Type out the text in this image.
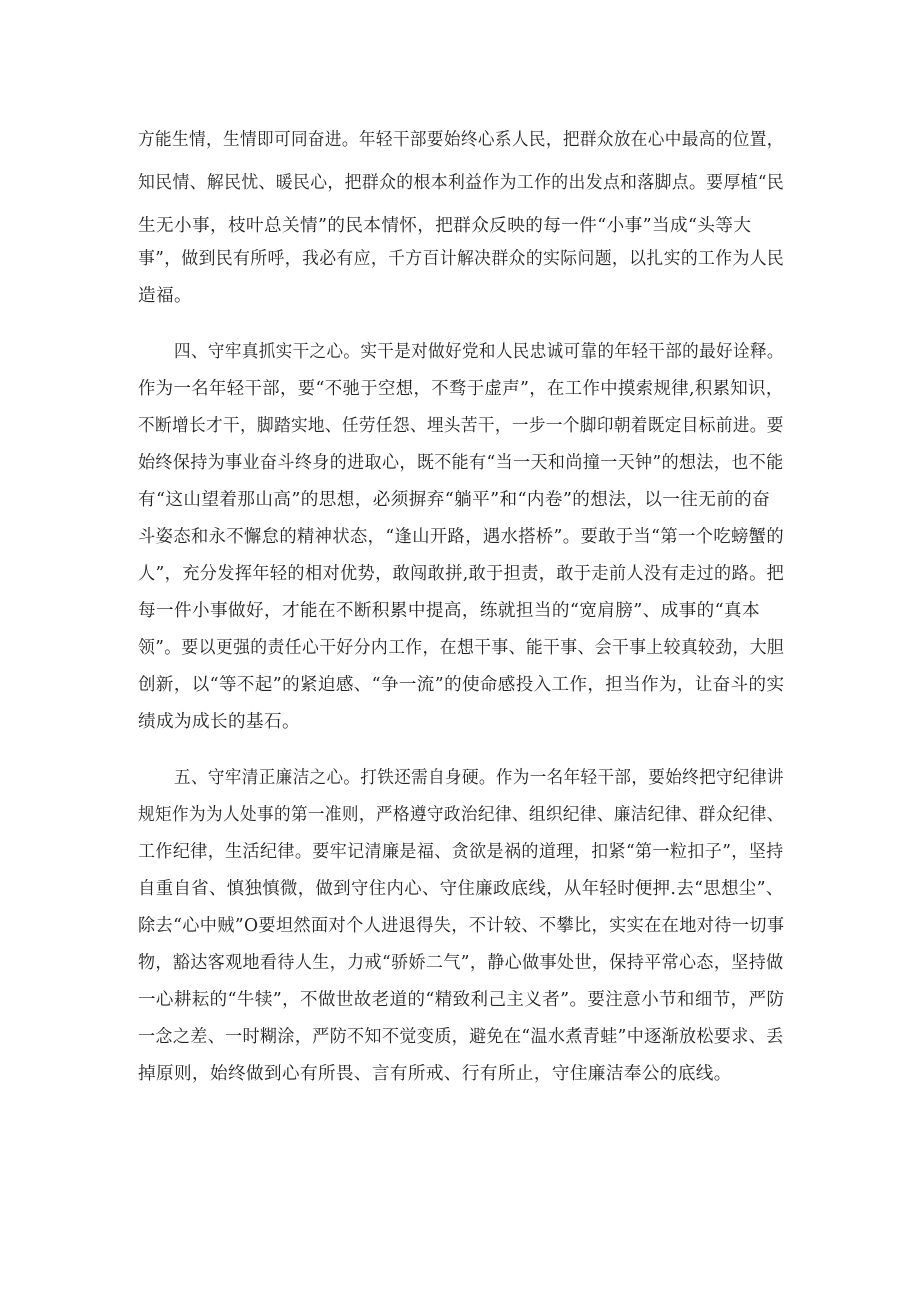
方能生情，生情即可同奋进。年轻干部要始终心系人民，把群众放在心中最高的位置，
知民情、解民忧、暖民心，把群众的根本利益作为工作的出发点和落脚点。要厚植“民
生无小事，枝叶总关情”的民本情怀，把群众反映的每一件“小事”当成“头等大
事”，做到民有所呼，我必有应，千方百计解决群众的实际问题，以扎实的工作为人民
造福。
四、守牢真抓实干之心。实干是对做好党和人民忠诚可靠的年轻干部的最好诠释。
作为一名年轻干部，要“不驰于空想，不骛于虚声”，在工作中摸索规律,积累知识，
不断增长才干，脚踏实地、任劳任怨、埋头苦干，一步一个脚印朝着既定目标前进。要
始终保持为事业奋斗终身的进取心，既不能有“当一天和尚撞一天钟”的想法，也不能
有“这山望着那山高”的思想，必须摒弃“躺平”和“内卷”的想法，以一往无前的奋
斗姿态和永不懈怠的精神状态，“逢山开路，遇水搭桥”。要敢于当“第一个吃螃蟹的
人”，充分发挥年轻的相对优势，敢闯敢拼,敢于担责，敢于走前人没有走过的路。把
每一件小事做好，才能在不断积累中提高，练就担当的“宽肩膀”、成事的“真本
领”。要以更强的责任心干好分内工作，在想干事、能干事、会干事上较真较劲，大胆
创新，以“等不起”的紧迫感、“争一流”的使命感投入工作，担当作为，让奋斗的实
绩成为成长的基石。
五、守牢清正廉洁之心。打铁还需自身硬。作为一名年轻干部，要始终把守纪律讲
规矩作为为人处事的第一准则，严格遵守政治纪律、组织纪律、廉洁纪律、群众纪律、
工作纪律，生活纪律。要牢记清廉是福、贪欲是祸的道理，扣紧“第一粒扣子”，坚持
自重自省、慎独慎微，做到守住内心、守住廉政底线，从年轻时便押.去“思想尘”、
除去“心中贼”O要坦然面对个人进退得失，不计较、不攀比，实实在在地对待一切事
物，豁达客观地看待人生，力戒“骄娇二气”，静心做事处世，保持平常心态，坚持做
一心耕耘的“牛犊”，不做世故老道的“精致利己主义者”。要注意小节和细节，严防
一念之差、一时糊涂，严防不知不觉变质，避免在“温水煮青蛙”中逐渐放松要求、丢
掉原则，始终做到心有所畏、言有所戒、行有所止，守住廉洁奉公的底线。
